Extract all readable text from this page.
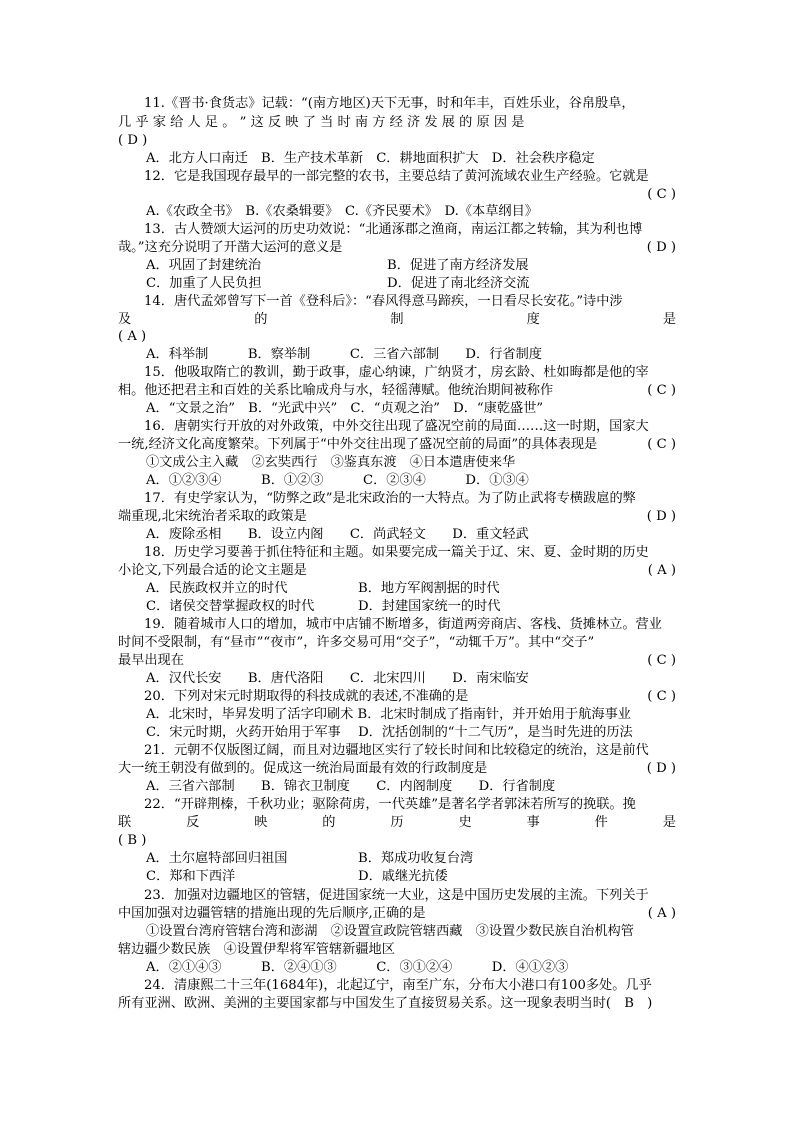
11.《晋书·食货志》记载：“(南方地区)天下无事，时和年丰，百姓乐业，谷帛殷阜，
几 乎 家 给 人 足 。 ” 这 反 映 了 当 时 南 方 经 济 发 展 的 原 因 是
( D )
A．北方人口南迁　B．生产技术革新　C．耕地面积扩大　D．社会秩序稳定
12．它是我国现存最早的一部完整的农书，主要总结了黄河流域农业生产经验。它就是
( C )
A.《农政全书》　B.《农桑辑要》　C.《齐民要术》　D.《本草纲目》
13．古人赞颂大运河的历史功效说：“北通涿郡之渔商，南运江都之转输，其为利也博
哉。”这充分说明了开凿大运河的意义是	( D )
A．巩固了封建统治	B．促进了南方经济发展
C．加重了人民负担	D．促进了南北经济交流
14．唐代孟郊曾写下一首《登科后》：“春风得意马蹄疾，一日看尽长安花。”诗中涉
及	的	制	度	是
( A )
A．科举制　　　B．察举制　　　C．三省六部制　　D．行省制度
15．他吸取隋亡的教训，勤于政事，虚心纳谏，广纳贤才，房玄龄、杜如晦都是他的宰
相。他还把君主和百姓的关系比喻成舟与水，轻徭薄赋。他统治期间被称作	( C )
A．“文景之治”　B．“光武中兴”　C．“贞观之治”　D．“康乾盛世”
16．唐朝实行开放的对外政策，中外交往出现了盛况空前的局面……这一时期，国家大
一统,经济文化高度繁荣。下列属于“中外交往出现了盛况空前的局面”的具体表现是	( C )
①文成公主入藏　②玄奘西行　③鉴真东渡　④日本遣唐使来华
A．①②③④　　　B．①②③　　　C．②③④　　　D．①③④
17．有史学家认为，“防弊之政”是北宋政治的一大特点。为了防止武将专横跋扈的弊
端重现,北宋统治者采取的政策是	( D )
A．废除丞相　　B．设立内阁　　C．尚武轻文　　D．重文轻武
18．历史学习要善于抓住特征和主题。如果要完成一篇关于辽、宋、夏、金时期的历史
小论文,下列最合适的论文主题是	( A )
A．民族政权并立的时代	B．地方军阀割据的时代
C．诸侯交替掌握政权的时代	D．封建国家统一的时代
19．随着城市人口的增加，城市中店铺不断增多，街道两旁商店、客栈、货摊林立。营业
时间不受限制，有“昼市”“夜市”，许多交易可用“交子”，“动辄千万”。其中“交子”
最早出现在	( C )
A．汉代长安　　B．唐代洛阳　　C．北宋四川　　D．南宋临安
20．下列对宋元时期取得的科技成就的表述,不准确的是	( C )
A．北宋时，毕昇发明了活字印刷术 B．北宋时制成了指南针，并开始用于航海事业
C．宋元时期，火药开始用于军事　 D．沈括创制的“十二气历”，是当时先进的历法
21．元朝不仅版图辽阔，而且对边疆地区实行了较长时间和比较稳定的统治，这是前代
大一统王朝没有做到的。促成这一统治局面最有效的行政制度是	( D )
A．三省六部制　　B．锦衣卫制度　　C．内阁制度　　D．行省制度
22．“开辟荆榛，千秋功业；驱除荷虏，一代英雄”是著名学者郭沫若所写的挽联。挽
联	反	映	的	历	史	事	件	是
( B )
A．土尔扈特部回归祖国	B．郑成功收复台湾
C．郑和下西洋	D．戚继光抗倭
23．加强对边疆地区的管辖，促进国家统一大业，这是中国历史发展的主流。下列关于
中国加强对边疆管辖的措施出现的先后顺序,正确的是	( A )
①设置台湾府管辖台湾和澎湖　②设置宣政院管辖西藏　③设置少数民族自治机构管
辖边疆少数民族　④设置伊犁将军管辖新疆地区
A．②①④③　　　B．②④①③　　　C．③①②④　　　D．④①②③
24．清康熙二十三年(1684年)，北起辽宁，南至广东，分布大小港口有100多处。几乎
所有亚洲、欧洲、美洲的主要国家都与中国发生了直接贸易关系。这一现象表明当时(　B　)
